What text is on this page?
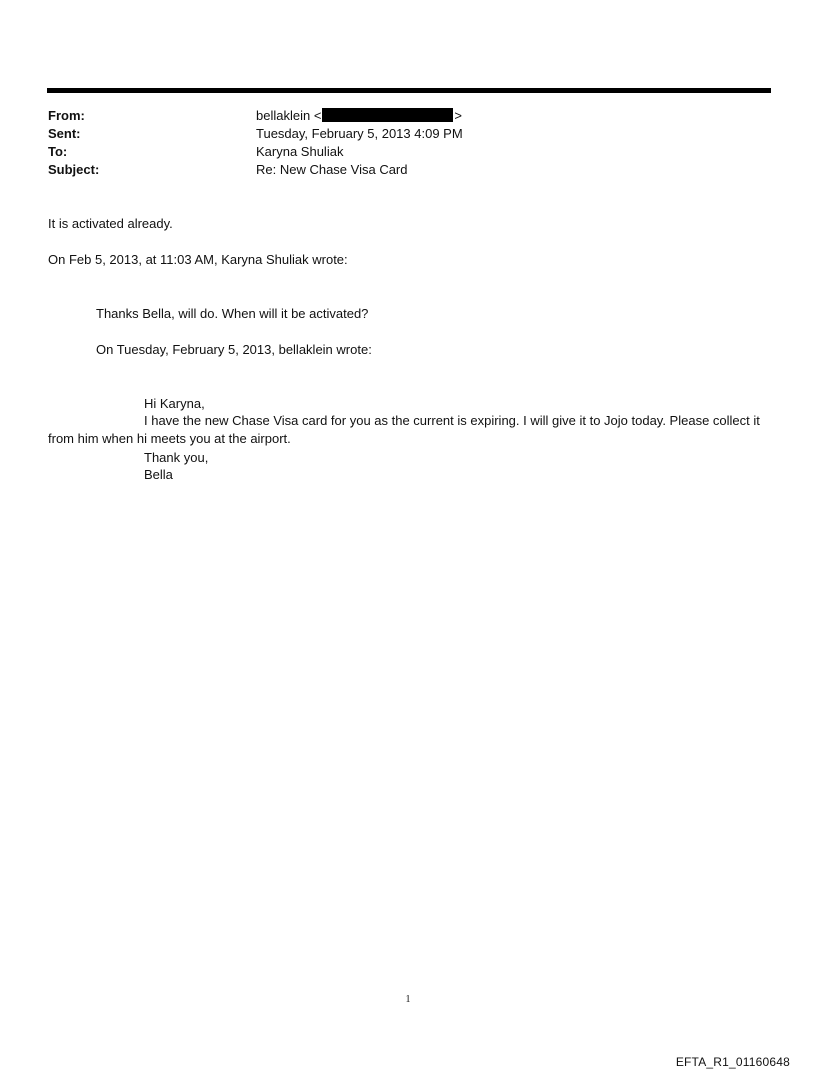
From:	bellaklein <	>
Sent:	Tuesday, February 5, 2013 4:09 PM
To:	Karyna Shuliak
Subject:	Re: New Chase Visa Card
It is activated already.
On Feb 5, 2013, at 11:03 AM, Karyna Shuliak wrote:
Thanks Bella, will do. When will it be activated?
On Tuesday, February 5, 2013, bellaklein wrote:
Hi Karyna,
I have the new Chase Visa card for you as the current is expiring. I will give it to Jojo today. Please collect it from him when hi meets you at the airport.
Thank you,
Bella
1
EFTA_R1_01160648
